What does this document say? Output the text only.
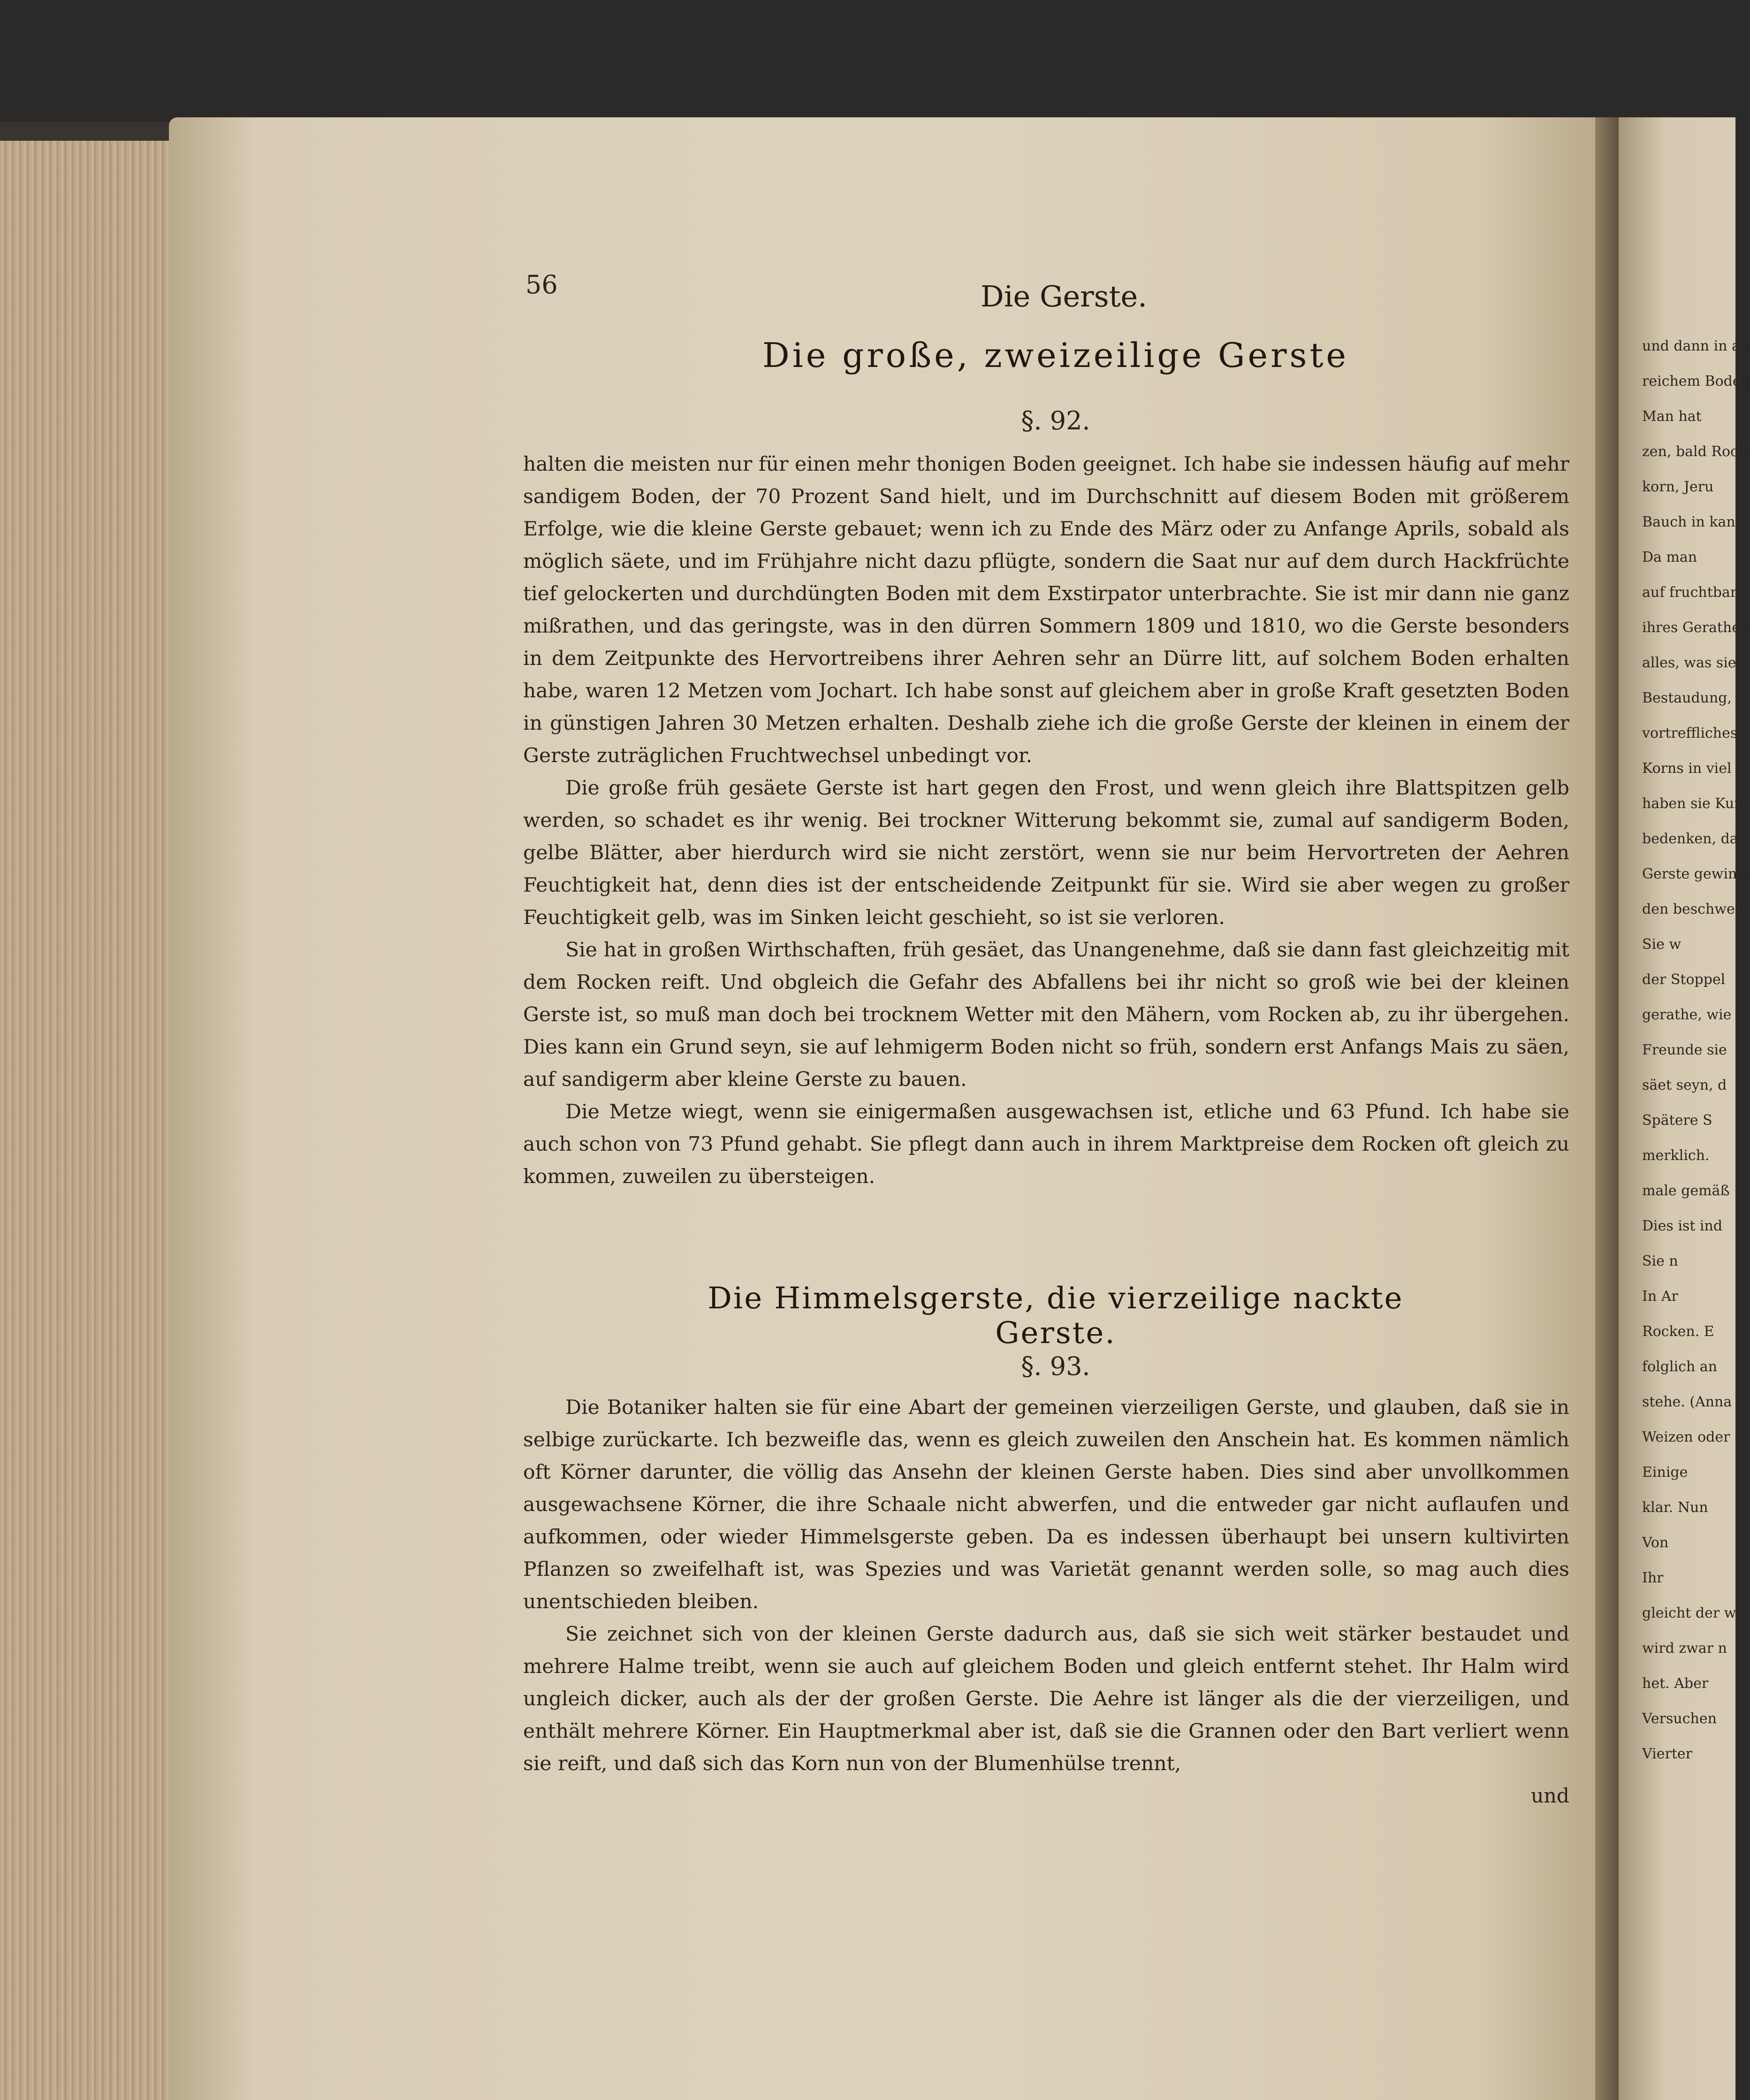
56	Die Gerste.
Die große, zweizeilige Gerste
§. 92.

halten die meisten nur für einen mehr thonigen Boden geeignet. Ich habe sie indessen häufig auf mehr sandigem Boden, der 70 Prozent Sand hielt, und im Durchschnitt auf diesem Boden mit größerem Erfolge, wie die kleine Gerste gebauet; wenn ich zu Ende des März oder zu Anfange Aprils, sobald als möglich säete, und im Frühjahre nicht dazu pflügte, sondern die Saat nur auf dem durch Hackfrüchte tief gelockerten und durchdüngten Boden mit dem Exstirpator unterbrachte. Sie ist mir dann nie ganz mißrathen, und das geringste, was in den dürren Sommern 1809 und 1810, wo die Gerste besonders in dem Zeitpunkte des Hervortreibens ihrer Aehren sehr an Dürre litt, auf solchem Boden erhalten habe, waren 12 Metzen vom Jochart. Ich habe sonst auf gleichem aber in große Kraft gesetzten Boden in günstigen Jahren 30 Metzen erhalten. Deshalb ziehe ich die große Gerste der kleinen in einem der Gerste zuträglichen Fruchtwechsel unbedingt vor.

Die große früh gesäete Gerste ist hart gegen den Frost, und wenn gleich ihre Blattspitzen gelb werden, so schadet es ihr wenig. Bei trockner Witterung bekommt sie, zumal auf sandigerm Boden, gelbe Blätter, aber hierdurch wird sie nicht zerstört, wenn sie nur beim Hervortreten der Aehren Feuchtigkeit hat, denn dies ist der entscheidende Zeitpunkt für sie. Wird sie aber wegen zu großer Feuchtigkeit gelb, was im Sinken leicht geschieht, so ist sie verloren.

Sie hat in großen Wirthschaften, früh gesäet, das Unangenehme, daß sie dann fast gleichzeitig mit dem Rocken reift. Und obgleich die Gefahr des Abfallens bei ihr nicht so groß wie bei der kleinen Gerste ist, so muß man doch bei trocknem Wetter mit den Mähern, vom Rocken ab, zu ihr übergehen. Dies kann ein Grund seyn, sie auf lehmigerm Boden nicht so früh, sondern erst Anfangs Mais zu säen, auf sandigerm aber kleine Gerste zu bauen.

Die Metze wiegt, wenn sie einigermaßen ausgewachsen ist, etliche und 63 Pfund. Ich habe sie auch schon von 73 Pfund gehabt. Sie pflegt dann auch in ihrem Marktpreise dem Rocken oft gleich zu kommen, zuweilen zu übersteigen.

Die Himmelsgerste, die vierzeilige nackte Gerste.
§. 93.

Die Botaniker halten sie für eine Abart der gemeinen vierzeiligen Gerste, und glauben, daß sie in selbige zurückarte. Ich bezweifle das, wenn es gleich zuweilen den Anschein hat. Es kommen nämlich oft Körner darunter, die völlig das Ansehn der kleinen Gerste haben. Dies sind aber unvollkommen ausgewachsene Körner, die ihre Schaale nicht abwerfen, und die entweder gar nicht auflaufen und aufkommen, oder wieder Himmelsgerste geben. Da es indessen überhaupt bei unsern kultivirten Pflanzen so zweifelhaft ist, was Spezies und was Varietät genannt werden solle, so mag auch dies unentschieden bleiben.

Sie zeichnet sich von der kleinen Gerste dadurch aus, daß sie sich weit stärker bestaudet und mehrere Halme treibt, wenn sie auch auf gleichem Boden und gleich entfernt stehet. Ihr Halm wird ungleich dicker, auch als der der großen Gerste. Die Aehre ist länger als die der vierzeiligen, und enthält mehrere Körner. Ein Hauptmerkmal aber ist, daß sie die Grannen oder den Bart verliert wenn sie reift, und daß sich das Korn nun von der Blumenhülse trennt,

und

und dann in an
reichem Boden
Man hat
zen, bald Rock
korn, Jeru
Bauch in kan
Da man
auf fruchtbar
ihres Gerather
alles, was sie
Bestaudung,
vortreffliches,
Korns in viel g
haben sie Kur
bedenken, da
Gerste gewinn
den beschwer
Sie w
der Stoppel
gerathe, wie
Freunde sie
säet seyn, d
Spätere S
merklich.
male gemäß
Dies ist ind
Sie n
In Ar
Rocken. E
folglich an
stehe. (Anna
Weizen oder
Einige
klar. Nun
Von
Ihr
gleicht der w
wird zwar n
het. Aber
Versuchen
Vierter
